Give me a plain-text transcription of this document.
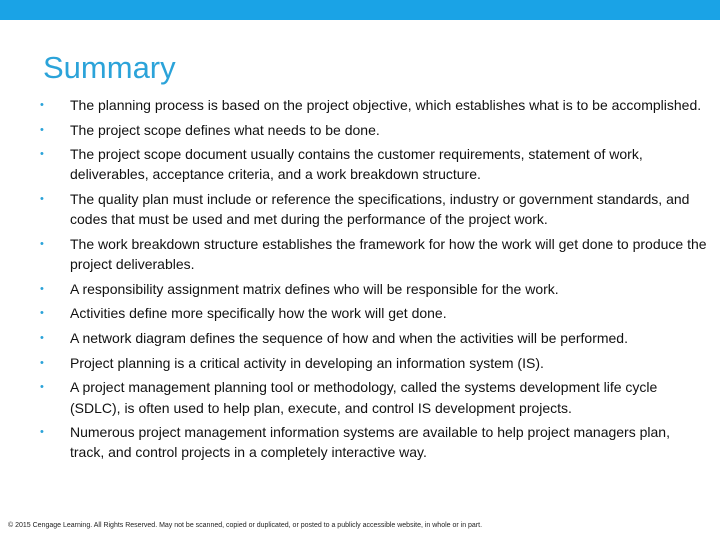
Summary
• The planning process is based on the project objective, which establishes what is to be accomplished.
• The project scope defines what needs to be done.
• The project scope document usually contains the customer requirements, statement of work, deliverables, acceptance criteria, and a work breakdown structure.
• The quality plan must include or reference the specifications, industry or government standards, and codes that must be used and met during the performance of the project work.
• The work breakdown structure establishes the framework for how the work will get done to produce the project deliverables.
• A responsibility assignment matrix defines who will be responsible for the work.
• Activities define more specifically how the work will get done.
• A network diagram defines the sequence of how and when the activities will be performed.
• Project planning is a critical activity in developing an information system (IS).
• A project management planning tool or methodology, called the systems development life cycle (SDLC), is often used to help plan, execute, and control IS development projects.
• Numerous project management information systems are available to help project managers plan, track, and control projects in a completely interactive way.
© 2015 Cengage Learning. All Rights Reserved. May not be scanned, copied or duplicated, or posted to a publicly accessible website, in whole or in part.
